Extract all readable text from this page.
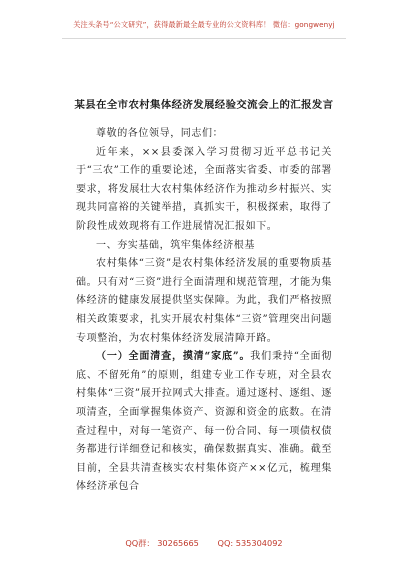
关注头条号“公文研究”，获得最新最全最专业的公文资料库！ 微信：gongwenyj
某县在全市农村集体经济发展经验交流会上的汇报发言

尊敬的各位领导，同志们：

近年来，××县委深入学习贯彻习近平总书记关于“三农”工作的重要论述，全面落实省委、市委的部署要求，将发展壮大农村集体经济作为推动乡村振兴、实现共同富裕的关键举措，真抓实干，积极探索，取得了阶段性成效现将有工作进展情况汇报如下。

一、夯实基础，筑牢集体经济根基

农村集体“三资”是农村集体经济发展的重要物质基础。只有对“三资”进行全面清理和规范管理，才能为集体经济的健康发展提供坚实保障。为此，我们严格按照相关政策要求，扎实开展农村集体“三资”管理突出问题专项整治，为农村集体经济发展清障开路。

（一）全面清查，摸清“家底”。我们秉持“全面彻底、不留死角”的原则，组建专业工作专班，对全县农村集体“三资”展开拉网式大排查。通过逐村、逐组、逐项清查，全面掌握集体资产、资源和资金的底数。在清查过程中，对每一笔资产、每一份合同、每一项债权债务都进行详细登记和核实，确保数据真实、准确。截至目前，全县共清查核实农村集体资产××亿元，梳理集体经济承包合

QQ群： 30265665 QQ: 535304092
